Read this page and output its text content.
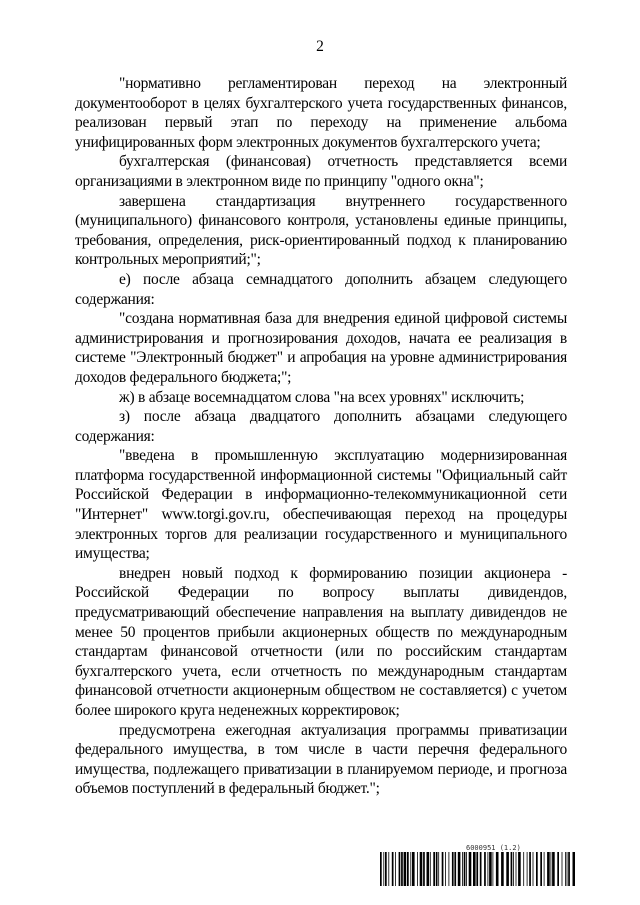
2

"нормативно регламентирован переход на электронный документооборот в целях бухгалтерского учета государственных финансов, реализован первый этап по переходу на применение альбома унифицированных форм электронных документов бухгалтерского учета;

бухгалтерская (финансовая) отчетность представляется всеми организациями в электронном виде по принципу "одного окна";

завершена стандартизация внутреннего государственного (муниципального) финансового контроля, установлены единые принципы, требования, определения, риск-ориентированный подход к планированию контрольных мероприятий;";

е) после абзаца семнадцатого дополнить абзацем следующего содержания:

"создана нормативная база для внедрения единой цифровой системы администрирования и прогнозирования доходов, начата ее реализация в системе "Электронный бюджет" и апробация на уровне администрирования доходов федерального бюджета;";

ж) в абзаце восемнадцатом слова "на всех уровнях" исключить;

з) после абзаца двадцатого дополнить абзацами следующего содержания:

"введена в промышленную эксплуатацию модернизированная платформа государственной информационной системы "Официальный сайт Российской Федерации в информационно-телекоммуникационной сети "Интернет" www.torgi.gov.ru, обеспечивающая переход на процедуры электронных торгов для реализации государственного и муниципального имущества;

внедрен новый подход к формированию позиции акционера - Российской Федерации по вопросу выплаты дивидендов, предусматривающий обеспечение направления на выплату дивидендов не менее 50 процентов прибыли акционерных обществ по международным стандартам финансовой отчетности (или по российским стандартам бухгалтерского учета, если отчетность по международным стандартам финансовой отчетности акционерным обществом не составляется) с учетом более широкого круга неденежных корректировок;

предусмотрена ежегодная актуализация программы приватизации федерального имущества, в том числе в части перечня федерального имущества, подлежащего приватизации в планируемом периоде, и прогноза объемов поступлений в федеральный бюджет.";

6000951 (1.2)
